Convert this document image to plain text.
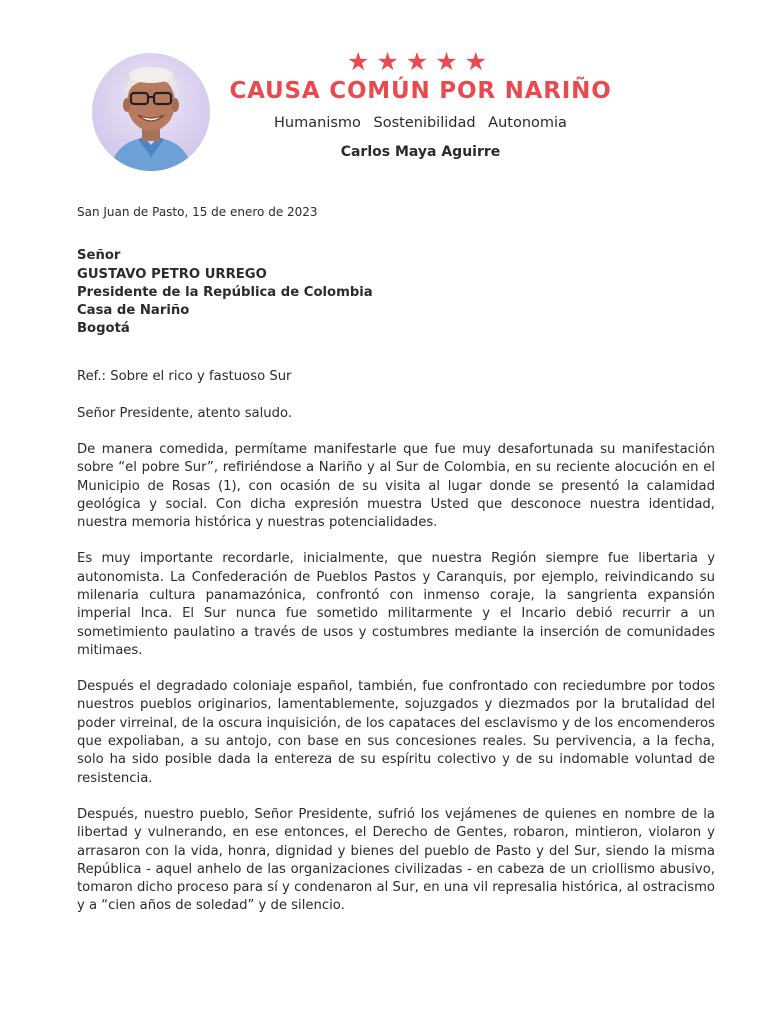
★★★★★
CAUSA COMÚN POR NARIÑO
Humanismo Sostenibilidad Autonomia
Carlos Maya Aguirre
San Juan de Pasto, 15 de enero de 2023
Señor
GUSTAVO PETRO URREGO
Presidente de la República de Colombia
Casa de Nariño
Bogotá
Ref.: Sobre el rico y fastuoso Sur
Señor Presidente, atento saludo.

De manera comedida, permítame manifestarle que fue muy desafortunada su manifestación sobre “el pobre Sur”, refiriéndose a Nariño y al Sur de Colombia, en su reciente alocución en el Municipio de Rosas (1), con ocasión de su visita al lugar donde se presentó la calamidad geológica y social. Con dicha expresión muestra Usted que desconoce nuestra identidad, nuestra memoria histórica y nuestras potencialidades.

Es muy importante recordarle, inicialmente, que nuestra Región siempre fue libertaria y autonomista. La Confederación de Pueblos Pastos y Caranquis, por ejemplo, reivindicando su milenaria cultura panamazónica, confrontó con inmenso coraje, la sangrienta expansión imperial Inca. El Sur nunca fue sometido militarmente y el Incario debió recurrir a un sometimiento paulatino a través de usos y costumbres mediante la inserción de comunidades mitimaes.

Después el degradado coloniaje español, también, fue confrontado con reciedumbre por todos nuestros pueblos originarios, lamentablemente, sojuzgados y diezmados por la brutalidad del poder virreinal, de la oscura inquisición, de los capataces del esclavismo y de los encomenderos que expoliaban, a su antojo, con base en sus concesiones reales. Su pervivencia, a la fecha, solo ha sido posible dada la entereza de su espíritu colectivo y de su indomable voluntad de resistencia.

Después, nuestro pueblo, Señor Presidente, sufrió los vejámenes de quienes en nombre de la libertad y vulnerando, en ese entonces, el Derecho de Gentes, robaron, mintieron, violaron y arrasaron con la vida, honra, dignidad y bienes del pueblo de Pasto y del Sur, siendo la misma República - aquel anhelo de las organizaciones civilizadas - en cabeza de un criollismo abusivo, tomaron dicho proceso para sí y condenaron al Sur, en una vil represalia histórica, al ostracismo y a “cien años de soledad” y de silencio.
